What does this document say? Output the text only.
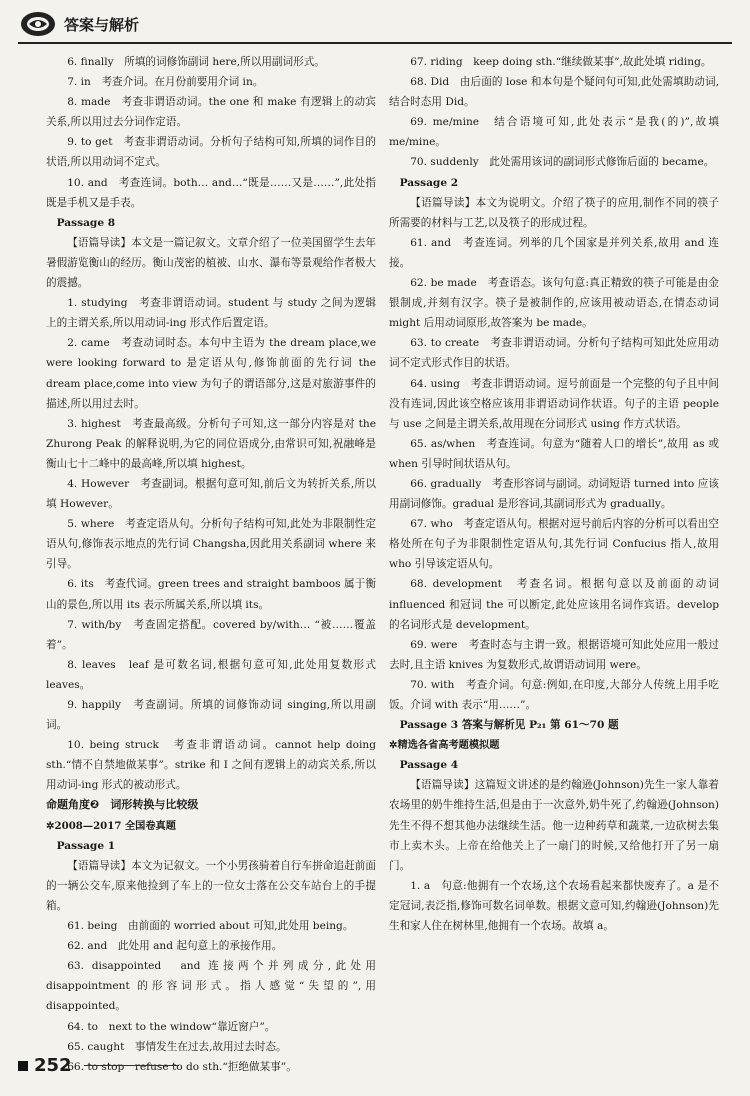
答案与解析

6. finally　所填的词修饰副词 here,所以用副词形式。

7. in　考查介词。在月份前要用介词 in。

8. made　考查非谓语动词。the one 和 make 有逻辑上的动宾关系,所以用过去分词作定语。

9. to get　考查非谓语动词。分析句子结构可知,所填的词作目的状语,所以用动词不定式。

10. and　考查连词。both… and…“既是……又是……”,此处指既是手机又是手表。

Passage 8

【语篇导读】本文是一篇记叙文。文章介绍了一位美国留学生去年暑假游览衡山的经历。衡山茂密的植被、山水、瀑布等景观给作者极大的震撼。

1. studying　考查非谓语动词。student 与 study 之间为逻辑上的主谓关系,所以用动词-ing 形式作后置定语。

2. came　考查动词时态。本句中主语为 the dream place,we were looking forward to 是定语从句,修饰前面的先行词 the dream place,come into view 为句子的谓语部分,这是对旅游事件的描述,所以用过去时。

3. highest　考查最高级。分析句子可知,这一部分内容是对 the Zhurong Peak 的解释说明,为它的同位语成分,由常识可知,祝融峰是衡山七十二峰中的最高峰,所以填 highest。

4. However　考查副词。根据句意可知,前后文为转折关系,所以填 However。

5. where　考查定语从句。分析句子结构可知,此处为非限制性定语从句,修饰表示地点的先行词 Changsha,因此用关系副词 where 来引导。

6. its　考查代词。green trees and straight bamboos 属于衡山的景色,所以用 its 表示所属关系,所以填 its。

7. with/by　考查固定搭配。covered by/with… “被……覆盖着”。

8. leaves　leaf 是可数名词,根据句意可知,此处用复数形式 leaves。

9. happily　考查副词。所填的词修饰动词 singing,所以用副词。

10. being struck　考查非谓语动词。cannot help doing sth.“情不自禁地做某事”。strike 和 I 之间有逻辑上的动宾关系,所以用动词-ing 形式的被动形式。

命题角度❷　词形转换与比较级

✲2008—2017 全国卷真题

Passage 1

【语篇导读】本文为记叙文。一个小男孩骑着自行车拼命追赶前面的一辆公交车,原来他捡到了车上的一位女士落在公交车站台上的手提箱。

61. being　由前面的 worried about 可知,此处用 being。

62. and　此处用 and 起句意上的承接作用。

63. disappointed　and 连接两个并列成分,此处用 disappointment 的形容词形式。指人感觉“失望的”,用 disappointed。

64. to　next to the window“靠近窗户”。

65. caught　事情发生在过去,故用过去时态。

66. to stop　refuse to do sth.“拒绝做某事”。

67. riding　keep doing sth.“继续做某事”,故此处填 riding。

68. Did　由后面的 lose 和本句是个疑问句可知,此处需填助动词,结合时态用 Did。

69. me/mine　结合语境可知,此处表示“是我(的)”,故填 me/mine。

70. suddenly　此处需用该词的副词形式修饰后面的 became。

Passage 2

【语篇导读】本文为说明文。介绍了筷子的应用,制作不同的筷子所需要的材料与工艺,以及筷子的形成过程。

61. and　考查连词。列举的几个国家是并列关系,故用 and 连接。

62. be made　考查语态。该句句意:真正精致的筷子可能是由金银制成,并刻有汉字。筷子是被制作的,应该用被动语态,在情态动词 might 后用动词原形,故答案为 be made。

63. to create　考查非谓语动词。分析句子结构可知此处应用动词不定式形式作目的状语。

64. using　考查非谓语动词。逗号前面是一个完整的句子且中间没有连词,因此该空格应该用非谓语动词作状语。句子的主语 people 与 use 之间是主谓关系,故用现在分词形式 using 作方式状语。

65. as/when　考查连词。句意为“随着人口的增长”,故用 as 或 when 引导时间状语从句。

66. gradually　考查形容词与副词。动词短语 turned into 应该用副词修饰。gradual 是形容词,其副词形式为 gradually。

67. who　考查定语从句。根据对逗号前后内容的分析可以看出空格处所在句子为非限制性定语从句,其先行词 Confucius 指人,故用 who 引导该定语从句。

68. development　考查名词。根据句意以及前面的动词 influenced 和冠词 the 可以断定,此处应该用名词作宾语。develop 的名词形式是 development。

69. were　考查时态与主谓一致。根据语境可知此处应用一般过去时,且主语 knives 为复数形式,故谓语动词用 were。

70. with　考查介词。句意:例如,在印度,大部分人传统上用手吃饭。介词 with 表示“用……”。

Passage 3 答案与解析见 P₂₁ 第 61～70 题

✲精选各省高考题模拟题

Passage 4

【语篇导读】这篇短文讲述的是约翰逊(Johnson)先生一家人靠着农场里的奶牛维持生活,但是由于一次意外,奶牛死了,约翰逊(Johnson)先生不得不想其他办法继续生活。他一边种药草和蔬菜,一边砍树去集市上卖木头。上帝在给他关上了一扇门的时候,又给他打开了另一扇门。

1. a　句意:他拥有一个农场,这个农场看起来都快废弃了。a 是不定冠词,表泛指,修饰可数名词单数。根据文意可知,约翰逊(Johnson)先生和家人住在树林里,他拥有一个农场。故填 a。

252
